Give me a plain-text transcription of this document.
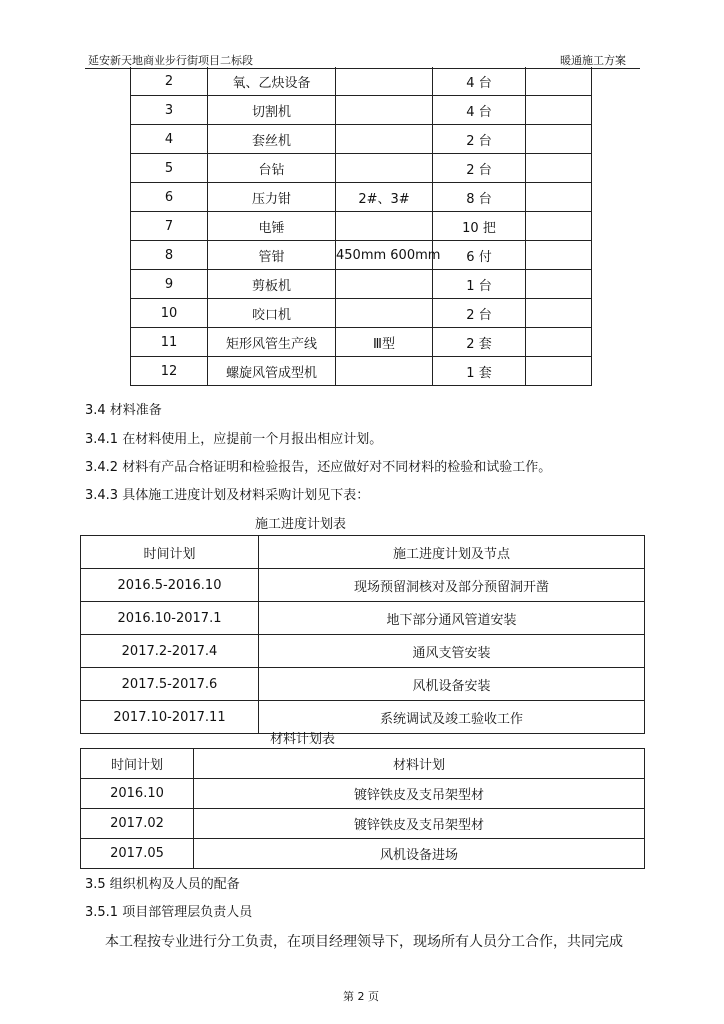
延安新天地商业步行街项目二标段	暖通施工方案
2	氧、乙炔设备		4 台	
3	切割机		4 台	
4	套丝机		2 台	
5	台钻		2 台	
6	压力钳	2#、3#	8 台	
7	电锤		10 把	
8	管钳	450mm 600mm	6 付	
9	剪板机		1 台	
10	咬口机		2 台	
11	矩形风管生产线	Ⅲ型	2 套	
12	螺旋风管成型机		1 套	
3.4 材料准备
3.4.1 在材料使用上，应提前一个月报出相应计划。
3.4.2 材料有产品合格证明和检验报告，还应做好对不同材料的检验和试验工作。
3.4.3 具体施工进度计划及材料采购计划见下表：
施工进度计划表
时间计划	施工进度计划及节点
2016.5-2016.10	现场预留洞核对及部分预留洞开凿
2016.10-2017.1	地下部分通风管道安装
2017.2-2017.4	通风支管安装
2017.5-2017.6	风机设备安装
2017.10-2017.11	系统调试及竣工验收工作
材料计划表
时间计划	材料计划
2016.10	镀锌铁皮及支吊架型材
2017.02	镀锌铁皮及支吊架型材
2017.05	风机设备进场
3.5 组织机构及人员的配备
3.5.1 项目部管理层负责人员
本工程按专业进行分工负责，在项目经理领导下，现场所有人员分工合作，共同完成
第 2 页
